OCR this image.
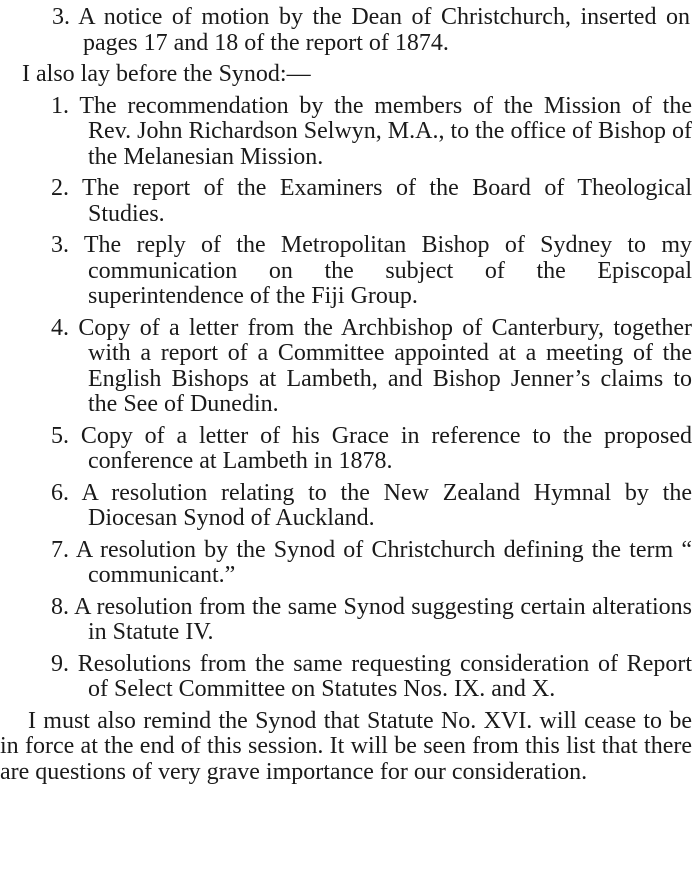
3. A notice of motion by the Dean of Christchurch, inserted on pages 17 and 18 of the report of 1874.
I also lay before the Synod:—
1. The recommendation by the members of the Mission of the Rev. John Richardson Selwyn, M.A., to the office of Bishop of the Melanesian Mission.
2. The report of the Examiners of the Board of Theological Studies.
3. The reply of the Metropolitan Bishop of Sydney to my communication on the subject of the Episcopal superintendence of the Fiji Group.
4. Copy of a letter from the Archbishop of Canterbury, together with a report of a Committee appointed at a meeting of the English Bishops at Lambeth, and Bishop Jenner’s claims to the See of Dunedin.
5. Copy of a letter of his Grace in reference to the proposed conference at Lambeth in 1878.
6. A resolution relating to the New Zealand Hymnal by the Diocesan Synod of Auckland.
7. A resolution by the Synod of Christchurch defining the term “ communicant.”
8. A resolution from the same Synod suggesting certain alterations in Statute IV.
9. Resolutions from the same requesting consideration of Report of Select Committee on Statutes Nos. IX. and X.
I must also remind the Synod that Statute No. XVI. will cease to be in force at the end of this session. It will be seen from this list that there are questions of very grave importance for our consideration.
